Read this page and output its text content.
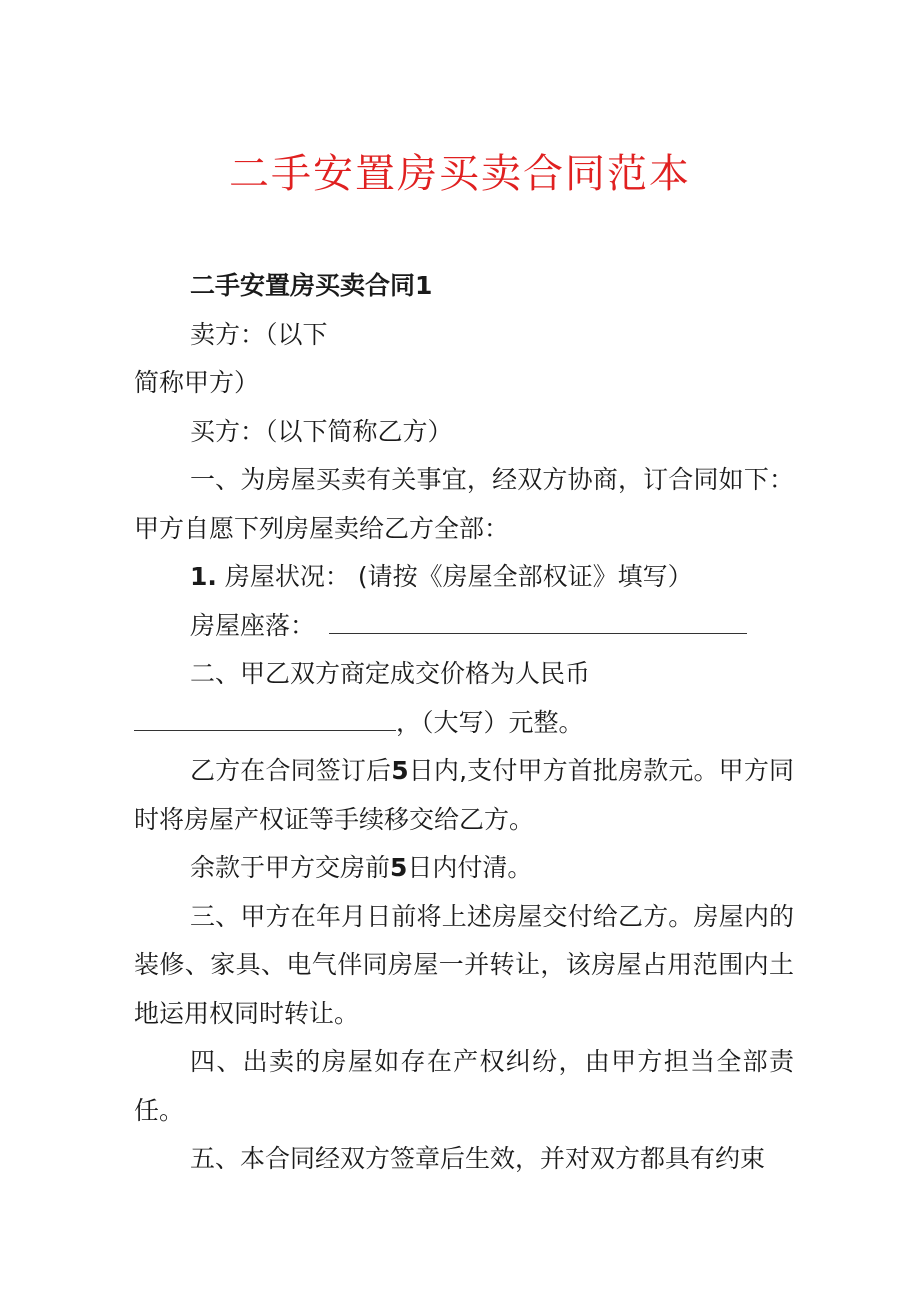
二手安置房买卖合同范本

二手安置房买卖合同1

卖方：（以下

简称甲方）

买方：（以下简称乙方）

一、为房屋买卖有关事宜，经双方协商，订合同如下：甲方自愿下列房屋卖给乙方全部：

1. 房屋状况： (请按《房屋全部权证》填写）

房屋座落：

二、甲乙双方商定成交价格为人民币

，（大写）元整。

乙方在合同签订后5日内,支付甲方首批房款元。甲方同时将房屋产权证等手续移交给乙方。

余款于甲方交房前5日内付清。

三、甲方在年月日前将上述房屋交付给乙方。房屋内的装修、家具、电气伴同房屋一并转让，该房屋占用范围内土地运用权同时转让。

四、出卖的房屋如存在产权纠纷，由甲方担当全部责任。

五、本合同经双方签章后生效，并对双方都具有约束
